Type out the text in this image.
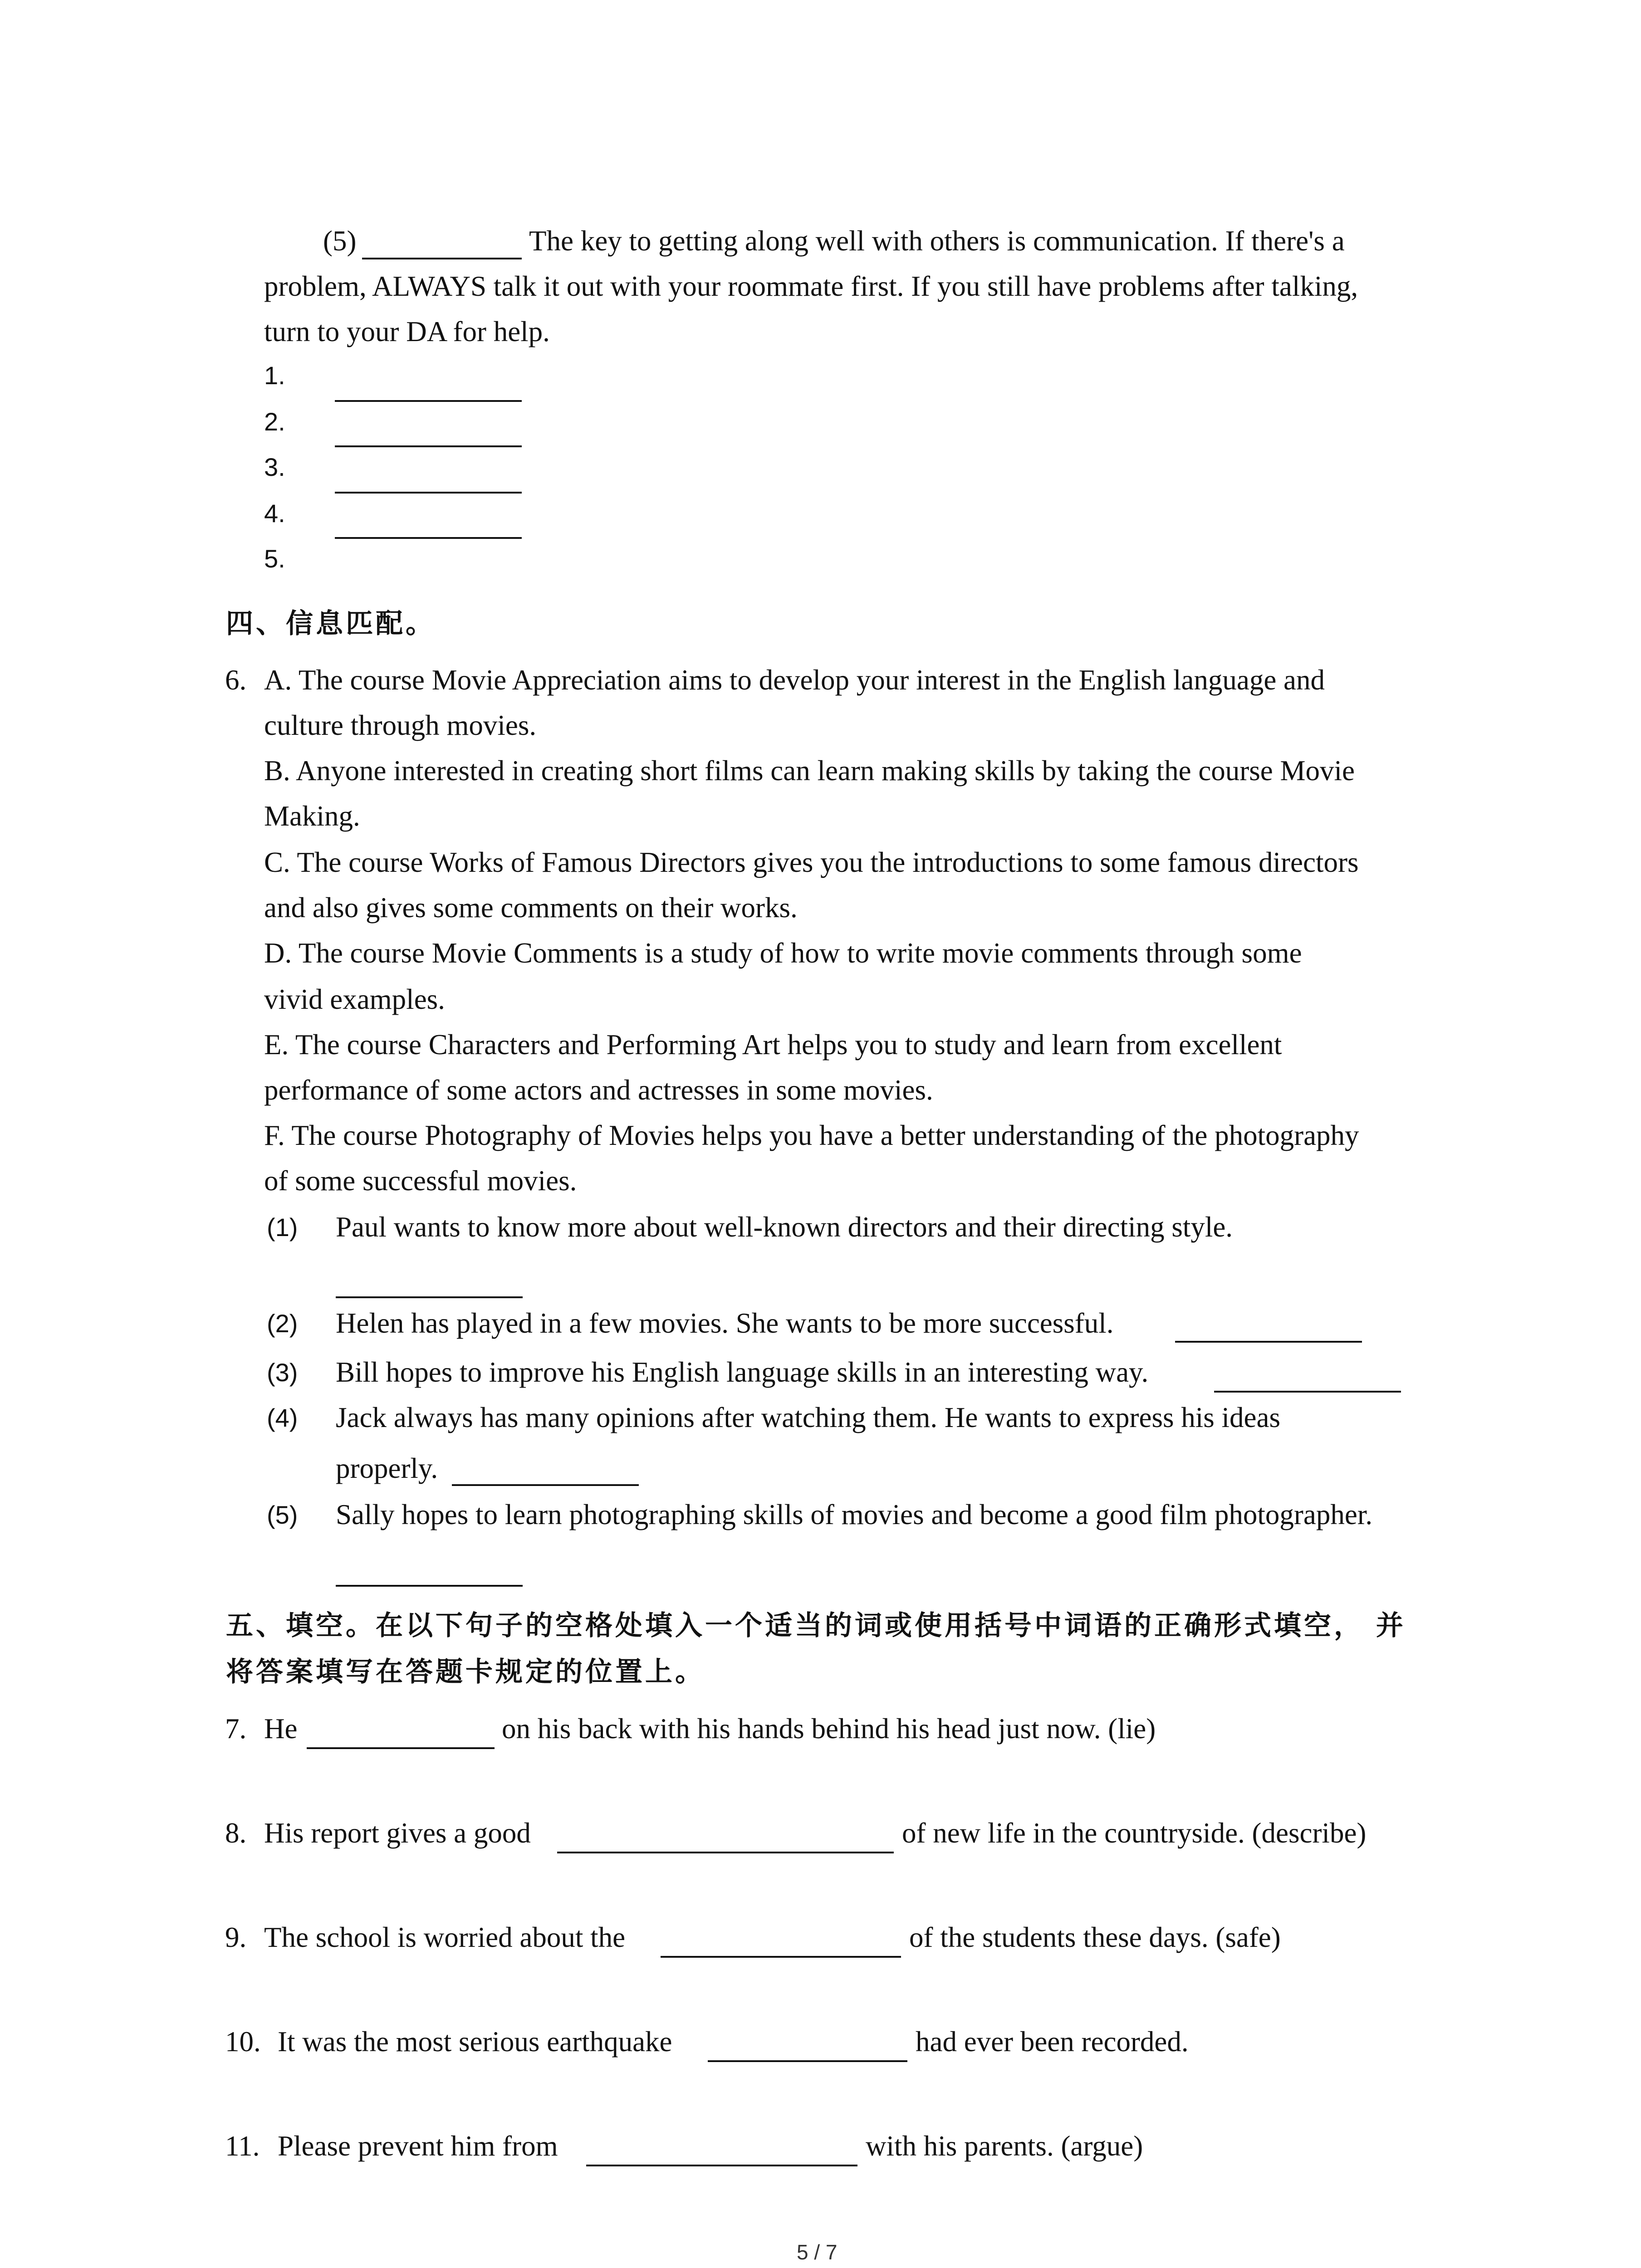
(5)	The key to getting along well with others is communication. If there's a
problem, ALWAYS talk it out with your roommate first. If you still have problems after talking,
turn to your DA for help.
1.
2.
3.
4.
5.
四、信息匹配。
6. A. The course Movie Appreciation aims to develop your interest in the English language and
culture through movies.
B. Anyone interested in creating short films can learn making skills by taking the course Movie
Making.
C. The course Works of Famous Directors gives you the introductions to some famous directors
and also gives some comments on their works.
D. The course Movie Comments is a study of how to write movie comments through some
vivid examples.
E. The course Characters and Performing Art helps you to study and learn from excellent
performance of some actors and actresses in some movies.
F. The course Photography of Movies helps you have a better understanding of the photography
of some successful movies.
(1) Paul wants to know more about well-known directors and their directing style.
(2) Helen has played in a few movies. She wants to be more successful.
(3) Bill hopes to improve his English language skills in an interesting way.
(4) Jack always has many opinions after watching them. He wants to express his ideas
properly.
(5) Sally hopes to learn photographing skills of movies and become a good film photographer.
五、填空。在以下句子的空格处填入一个适当的词或使用括号中词语的正确形式填空， 并
将答案填写在答题卡规定的位置上。
7. He	on his back with his hands behind his head just now. (lie)
8. His report gives a good	of new life in the countryside. (describe)
9. The school is worried about the	of the students these days. (safe)
10. It was the most serious earthquake	had ever been recorded.
11. Please prevent him from	with his parents. (argue)
5 / 7
